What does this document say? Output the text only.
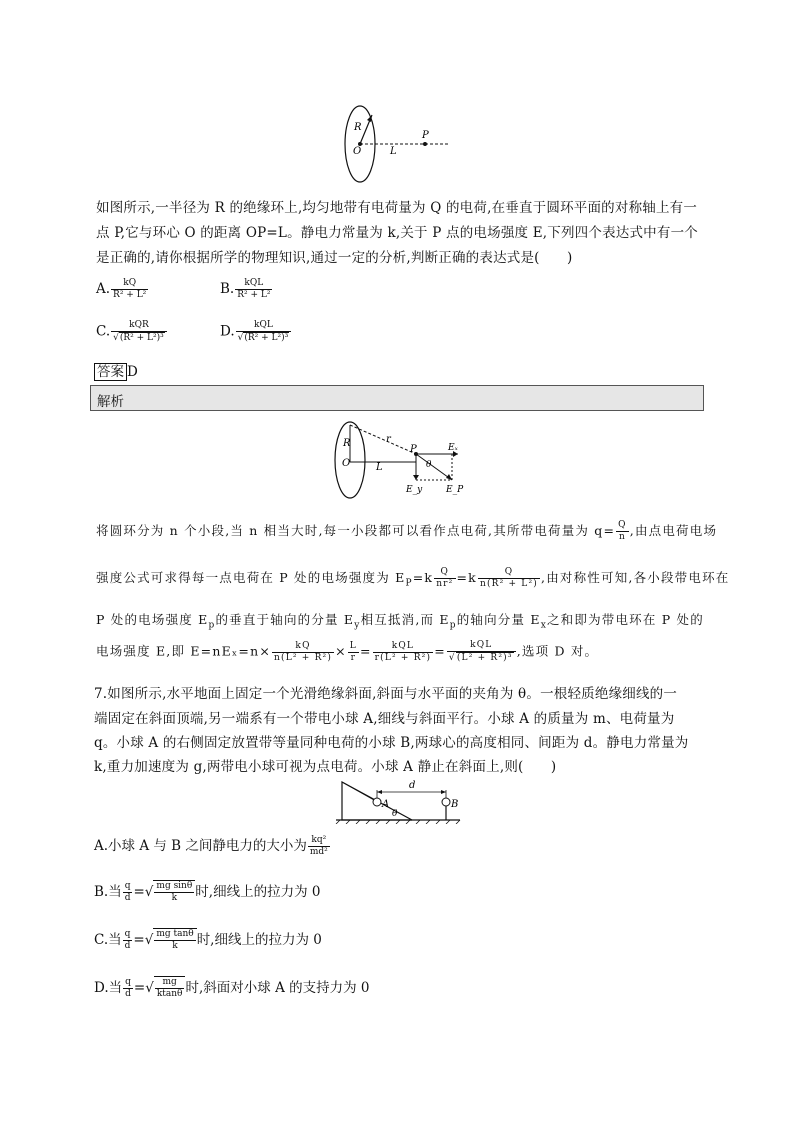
R
O
P
L
如图所示,一半径为 R 的绝缘环上,均匀地带有电荷量为 Q 的电荷,在垂直于圆环平面的对称轴上有一
点 P,它与环心 O 的距离 OP=L。静电力常量为 k,关于 P 点的电场强度 E,下列四个表达式中有一个
是正确的,请你根据所学的物理知识,通过一定的分析,判断正确的表达式是(　　)
A. $\frac{kQ}{\text{R² + L²}}$	B. $\frac{\text{kQL}}{\text{R² + L²}}$
C. $\frac{\text{kQR}}{\text{√(R² + L²)³}}$	D. $\frac{\text{kQL}}{\text{√(R² + L²)³}}$
答案 D
解析
R
O
r
P
L	θ
Eₓ
E_y	E_P
将圆环分为 n 个小段,当 n 相当大时,每一小段都可以看作点电荷,其所带电荷量为 $q= \frac{Q}{n}$ ,由点电荷电场
强度公式可求得每一点电荷在 P 处的电场强度为 $E_P=k \frac{Q}{\text{nr²}} =k \frac{Q}{\text{n(R² + L²)}}$ ,由对称性可知,各小段带电环在
P 处的电场强度 $E_p$的垂直于轴向的分量 $E_y$相互抵消,而 $E_p$的轴向分量 $E_x$之和即为带电环在 P 处的
电场强度 E,即 $E=nE_x=n\times \frac{kQ}{\text{n(L² + R²)}} \times \frac{L}{r} = \frac{\text{kQL}}{\text{r(L² + R²)}} = \frac{\text{kQL}}{\text{√(L² + R²)³}}$ ,选项 D 对。
7.如图所示,水平地面上固定一个光滑绝缘斜面,斜面与水平面的夹角为 θ。一根轻质绝缘细线的一
端固定在斜面顶端,另一端系有一个带电小球 A,细线与斜面平行。小球 A 的质量为 m、电荷量为
q。小球 A 的右侧固定放置带等量同种电荷的小球 B,两球心的高度相同、间距为 d。静电力常量为
k,重力加速度为 g,两带电小球可视为点电荷。小球 A 静止在斜面上,则(　　)
A	B
d
θ
A.小球 A 与 B 之间静电力的大小为 $\frac{\text{kq²}}{\text{md²}}$
B.当 $\frac{q}{d}$ =√ $\frac{\text{mg sinθ}}{k}$ 时,细线上的拉力为 0
C.当 $\frac{q}{d}$ =√ $\frac{\text{mg tanθ}}{k}$ 时,细线上的拉力为 0
D.当 $\frac{q}{d}$ =√ $\frac{mg}{ktan\theta}$ 时,斜面对小球 A 的支持力为 0
